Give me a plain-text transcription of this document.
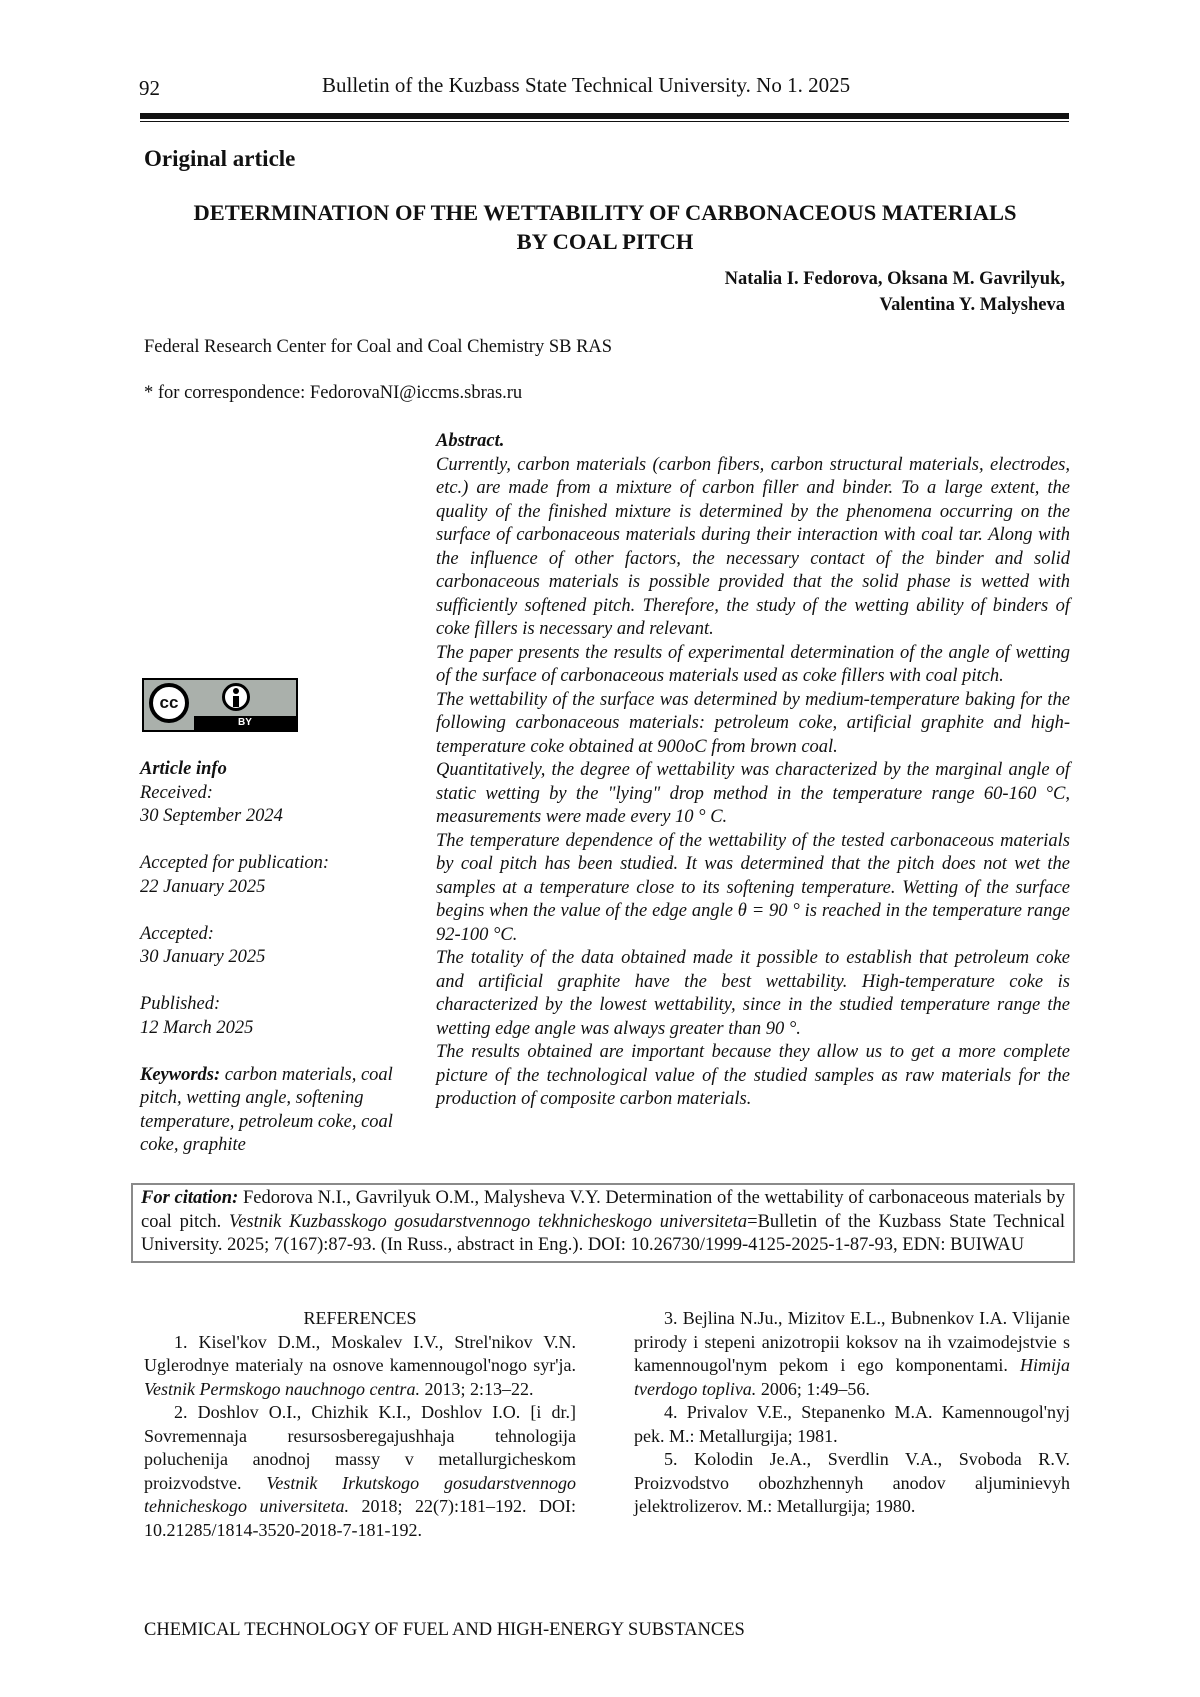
92	Bulletin of the Kuzbass State Technical University. No 1. 2025
Original article
DETERMINATION OF THE WETTABILITY OF CARBONACEOUS MATERIALS
BY COAL PITCH
Natalia I. Fedorova, Oksana M. Gavrilyuk,
Valentina Y. Malysheva
Federal Research Center for Coal and Coal Chemistry SB RAS
* for correspondence: FedorovaNI@iccms.sbras.ru
cc
BY
Article info
Received:
30 September 2024
Accepted for publication:
22 January 2025
Accepted:
30 January 2025
Published:
12 March 2025
Keywords: carbon materials, coal pitch, wetting angle, softening temperature, petroleum coke, coal coke, graphite
Abstract.

Currently, carbon materials (carbon fibers, carbon structural materials, electrodes, etc.) are made from a mixture of carbon filler and binder. To a large extent, the quality of the finished mixture is determined by the phenomena occurring on the surface of carbonaceous materials during their interaction with coal tar. Along with the influence of other factors, the necessary contact of the binder and solid carbonaceous materials is possible provided that the solid phase is wetted with sufficiently softened pitch. Therefore, the study of the wetting ability of binders of coke fillers is necessary and relevant.

The paper presents the results of experimental determination of the angle of wetting of the surface of carbonaceous materials used as coke fillers with coal pitch.

The wettability of the surface was determined by medium-temperature baking for the following carbonaceous materials: petroleum coke, artificial graphite and high-temperature coke obtained at 900oC from brown coal.

Quantitatively, the degree of wettability was characterized by the marginal angle of static wetting by the "lying" drop method in the temperature range 60-160 °C, measurements were made every 10 ° C.

The temperature dependence of the wettability of the tested carbonaceous materials by coal pitch has been studied. It was determined that the pitch does not wet the samples at a temperature close to its softening temperature. Wetting of the surface begins when the value of the edge angle θ = 90 ° is reached in the temperature range 92-100 °C.

The totality of the data obtained made it possible to establish that petroleum coke and artificial graphite have the best wettability. High-temperature coke is characterized by the lowest wettability, since in the studied temperature range the wetting edge angle was always greater than 90 °.

The results obtained are important because they allow us to get a more complete picture of the technological value of the studied samples as raw materials for the production of composite carbon materials.

For citation: Fedorova N.I., Gavrilyuk O.M., Malysheva V.Y. Determination of the wettability of carbonaceous materials by coal pitch. Vestnik Kuzbasskogo gosudarstvennogo tekhnicheskogo universiteta=Bulletin of the Kuzbass State Technical University. 2025; 7(167):87-93. (In Russ., abstract in Eng.). DOI: 10.26730/1999-4125-2025-1-87-93, EDN: BUIWAU
REFERENCES

1. Kisel'kov D.M., Moskalev I.V., Strel'nikov V.N. Uglerodnye materialy na osnove kamennougol'nogo syr'ja. Vestnik Permskogo nauchnogo centra. 2013; 2:13–22.

2. Doshlov O.I., Chizhik K.I., Doshlov I.O. [i dr.] Sovremennaja resursosberegajushhaja tehnologija poluchenija anodnoj massy v metallurgicheskom proizvodstve. Vestnik Irkutskogo gosudarstvennogo tehnicheskogo universiteta. 2018; 22(7):181–192. DOI: 10.21285/1814-3520-2018-7-181-192.

3. Bejlina N.Ju., Mizitov E.L., Bubnenkov I.A. Vlijanie prirody i stepeni anizotropii koksov na ih vzaimodejstvie s kamennougol'nym pekom i ego komponentami. Himija tverdogo topliva. 2006; 1:49–56.

4. Privalov V.E., Stepanenko M.A. Kamennougol'nyj pek. M.: Metallurgija; 1981.

5. Kolodin Je.A., Sverdlin V.A., Svoboda R.V. Proizvodstvo obozhzhennyh anodov aljuminievyh jelektrolizerov. M.: Metallurgija; 1980.

CHEMICAL TECHNOLOGY OF FUEL AND HIGH-ENERGY SUBSTANCES
